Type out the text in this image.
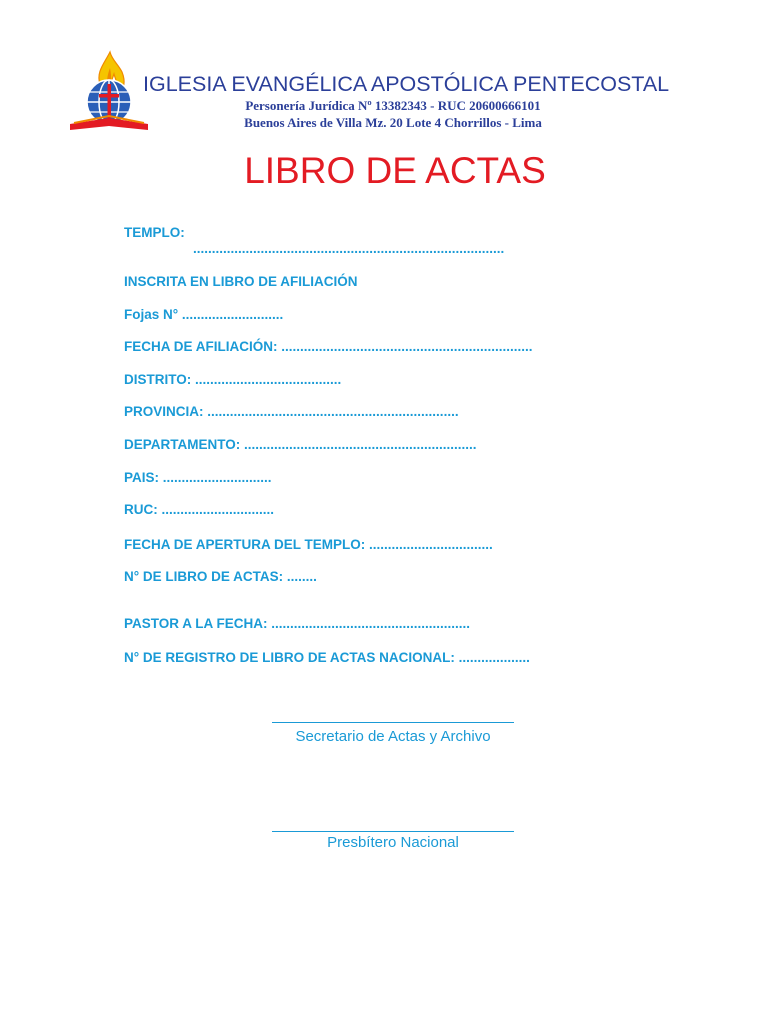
IGLESIA EVANGÉLICA APOSTÓLICA PENTECOSTAL
Personería Jurídica Nº 13382343 - RUC 20600666101
Buenos Aires de Villa Mz. 20 Lote 4 Chorrillos - Lima
LIBRO DE ACTAS
TEMPLO:
...................................................................................
INSCRITA EN LIBRO DE AFILIACIÓN
Fojas N° ...........................
FECHA DE AFILIACIÓN: ...................................................................
DISTRITO: .......................................
PROVINCIA: ...................................................................
DEPARTAMENTO: ..............................................................
PAIS: .............................
RUC: ..............................
FECHA DE APERTURA DEL TEMPLO: .................................
N° DE LIBRO DE ACTAS: ........
PASTOR A LA FECHA: .....................................................
N° DE REGISTRO DE LIBRO DE ACTAS NACIONAL: ...................
Secretario de Actas y Archivo
Presbítero Nacional
